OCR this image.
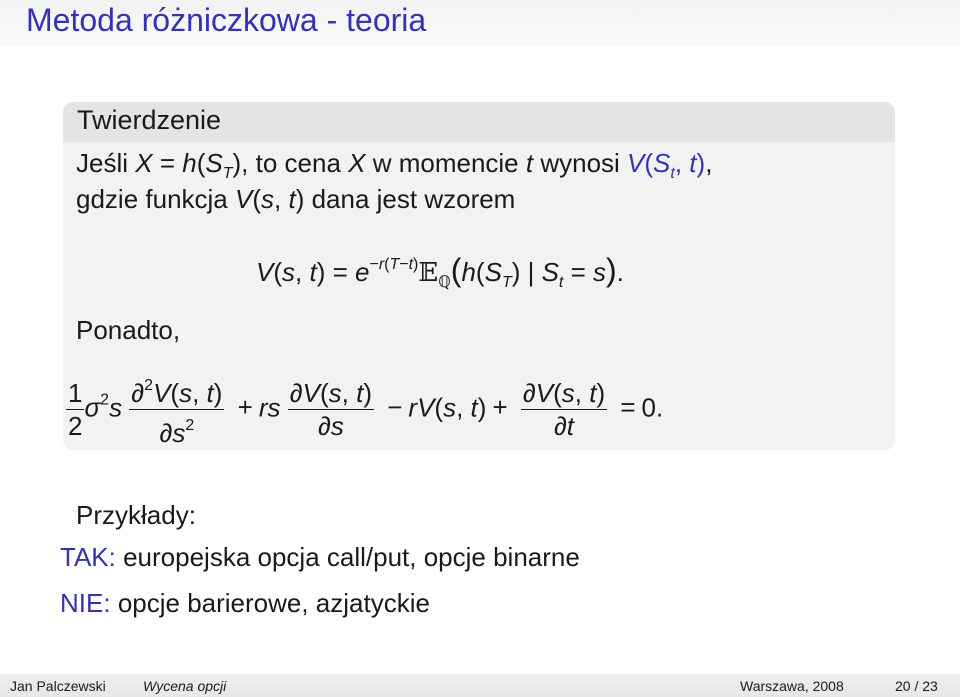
Metoda różniczkowa - teoria
Twierdzenie
Jeśli $X = h(S_T)$, to cena X w momencie t wynosi $V(S_t$, t),
gdzie funkcja V(s, t) dana jest wzorem
V(s, $t) = e^{-r(T-t)}𝔼_ℚ(h(S_T)$ | $S_t = s$).
Ponadto,
$\frac{1}{2} \sigma^2s \frac{\partial^2V(s, t)}{\partial s^2}$ + rs $\frac{\partial V(s, t)}{\partial s} - rV(s$, $t) + \frac{\partial V(s, t)}{\partial t} = 0$.
Przykłady:
TAK: europejska opcja call/put, opcje binarne
NIE: opcje barierowe, azjatyckie
Jan Palczewski	Wycena opcji	Warszawa, 2008	20 / 23
